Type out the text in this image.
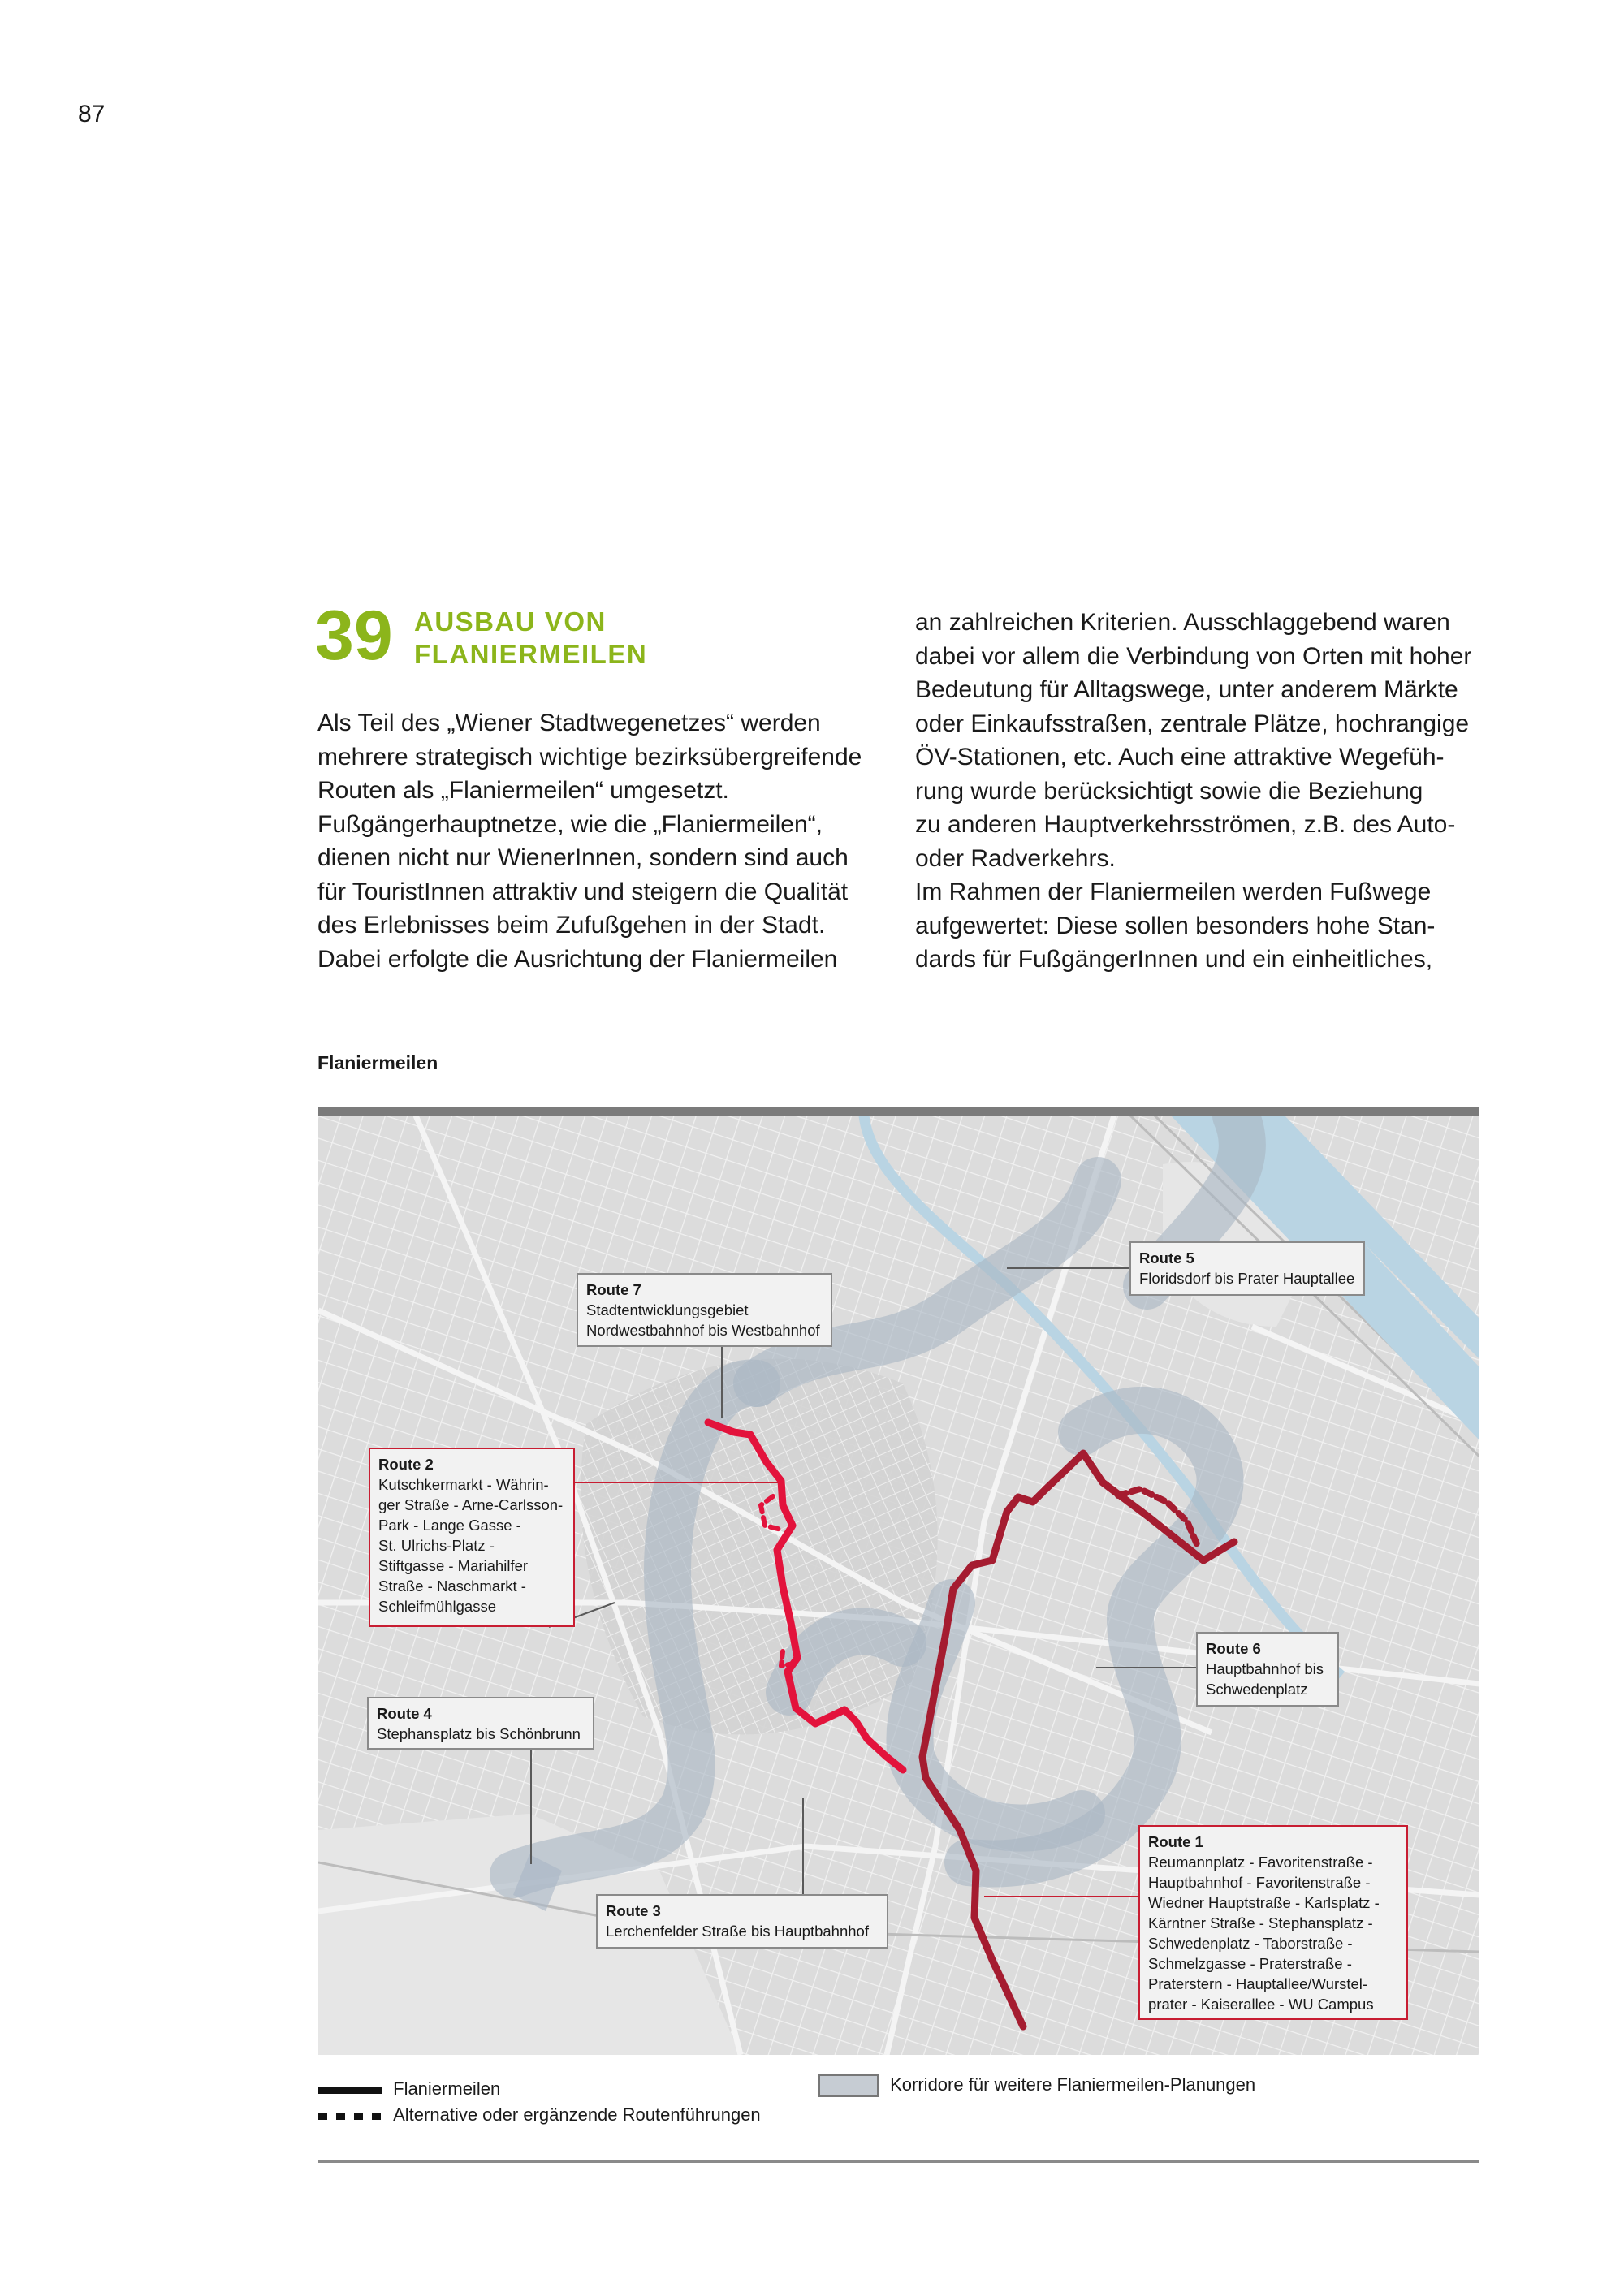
87
39 AUSBAU VON
FLANIERMEILEN
Als Teil des „Wiener Stadtwegenetzes“ werden
mehrere strategisch wichtige bezirksübergreifende
Routen als „Flaniermeilen“ umgesetzt.
Fußgängerhauptnetze, wie die „Flaniermeilen“,
dienen nicht nur WienerInnen, sondern sind auch
für TouristInnen attraktiv und steigern die Qualität
des Erlebnisses beim Zufußgehen in der Stadt.
Dabei erfolgte die Ausrichtung der Flaniermeilen
an zahlreichen Kriterien. Ausschlaggebend waren
dabei vor allem die Verbindung von Orten mit hoher
Bedeutung für Alltagswege, unter anderem Märkte
oder Einkaufsstraßen, zentrale Plätze, hochrangige
ÖV-Stationen, etc. Auch eine attraktive Wegefüh-
rung wurde berücksichtigt sowie die Beziehung
zu anderen Hauptverkehrsströmen, z.B. des Auto-
oder Radverkehrs.
Im Rahmen der Flaniermeilen werden Fußwege
aufgewertet: Diese sollen besonders hohe Stan-
dards für FußgängerInnen und ein einheitliches,
Flaniermeilen
Route 7
Stadtentwicklungsgebiet
Nordwestbahnhof bis Westbahnhof
Route 5
Floridsdorf bis Prater Hauptallee
Route 2
Kutschkermarkt - Währin-
ger Straße - Arne-Carlsson-
Park - Lange Gasse -
St. Ulrichs-Platz -
Stiftgasse - Mariahilfer
Straße - Naschmarkt -
Schleifmühlgasse
Route 6
Hauptbahnhof bis
Schwedenplatz
Route 4
Stephansplatz bis Schönbrunn
Route 1
Reumannplatz - Favoritenstraße -
Hauptbahnhof - Favoritenstraße -
Wiedner Hauptstraße - Karlsplatz -
Kärntner Straße - Stephansplatz -
Schwedenplatz - Taborstraße -
Schmelzgasse - Praterstraße -
Praterstern - Hauptallee/Wurstel-
prater - Kaiserallee - WU Campus
Route 3
Lerchenfelder Straße bis Hauptbahnhof
Flaniermeilen
Alternative oder ergänzende Routenführungen
Korridore für weitere Flaniermeilen-Planungen
